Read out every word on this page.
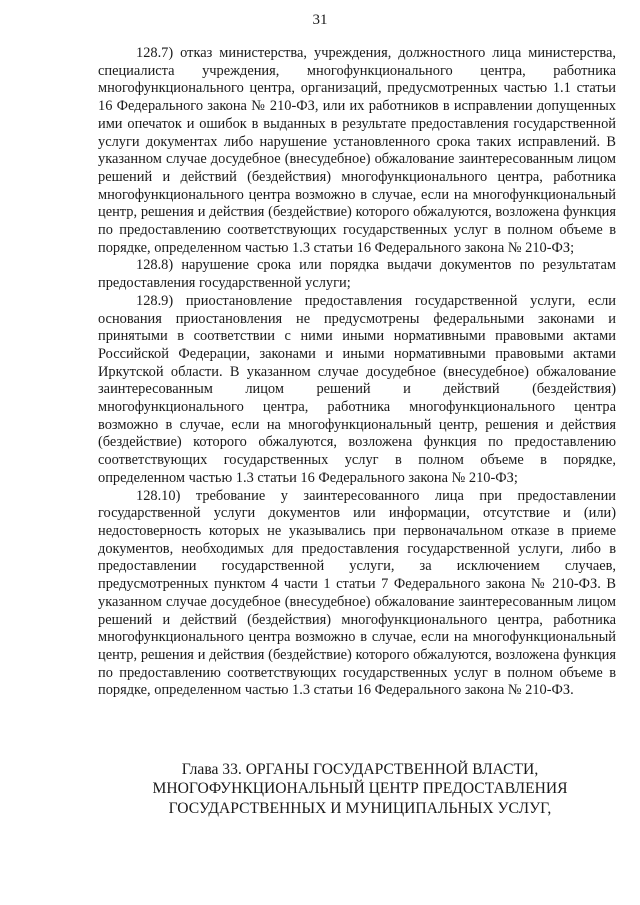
31

128.7) отказ министерства, учреждения, должностного лица министерства, специалиста учреждения, многофункционального центра, работника многофункционального центра, организаций, предусмотренных частью 1.1 статьи 16 Федерального закона № 210-ФЗ, или их работников в исправлении допущенных ими опечаток и ошибок в выданных в результате предоставления государственной услуги документах либо нарушение установленного срока таких исправлений. В указанном случае досудебное (внесудебное) обжалование заинтересованным лицом решений и действий (бездействия) многофункционального центра, работника многофункционального центра возможно в случае, если на многофункциональный центр, решения и действия (бездействие) которого обжалуются, возложена функция по предоставлению соответствующих государственных услуг в полном объеме в порядке, определенном частью 1.3 статьи 16 Федерального закона № 210-ФЗ;

128.8) нарушение срока или порядка выдачи документов по результатам предоставления государственной услуги;

128.9) приостановление предоставления государственной услуги, если основания приостановления не предусмотрены федеральными законами и принятыми в соответствии с ними иными нормативными правовыми актами Российской Федерации, законами и иными нормативными правовыми актами Иркутской области. В указанном случае досудебное (внесудебное) обжалование заинтересованным лицом решений и действий (бездействия) многофункционального центра, работника многофункционального центра возможно в случае, если на многофункциональный центр, решения и действия (бездействие) которого обжалуются, возложена функция по предоставлению соответствующих государственных услуг в полном объеме в порядке, определенном частью 1.3 статьи 16 Федерального закона № 210-ФЗ;

128.10) требование у заинтересованного лица при предоставлении государственной услуги документов или информации, отсутствие и (или) недостоверность которых не указывались при первоначальном отказе в приеме документов, необходимых для предоставления государственной услуги, либо в предоставлении государственной услуги, за исключением случаев, предусмотренных пунктом 4 части 1 статьи 7 Федерального закона № 210-ФЗ. В указанном случае досудебное (внесудебное) обжалование заинтересованным лицом решений и действий (бездействия) многофункционального центра, работника многофункционального центра возможно в случае, если на многофункциональный центр, решения и действия (бездействие) которого обжалуются, возложена функция по предоставлению соответствующих государственных услуг в полном объеме в порядке, определенном частью 1.3 статьи 16 Федерального закона № 210-ФЗ.

Глава 33. ОРГАНЫ ГОСУДАРСТВЕННОЙ ВЛАСТИ,
МНОГОФУНКЦИОНАЛЬНЫЙ ЦЕНТР ПРЕДОСТАВЛЕНИЯ
ГОСУДАРСТВЕННЫХ И МУНИЦИПАЛЬНЫХ УСЛУГ,
